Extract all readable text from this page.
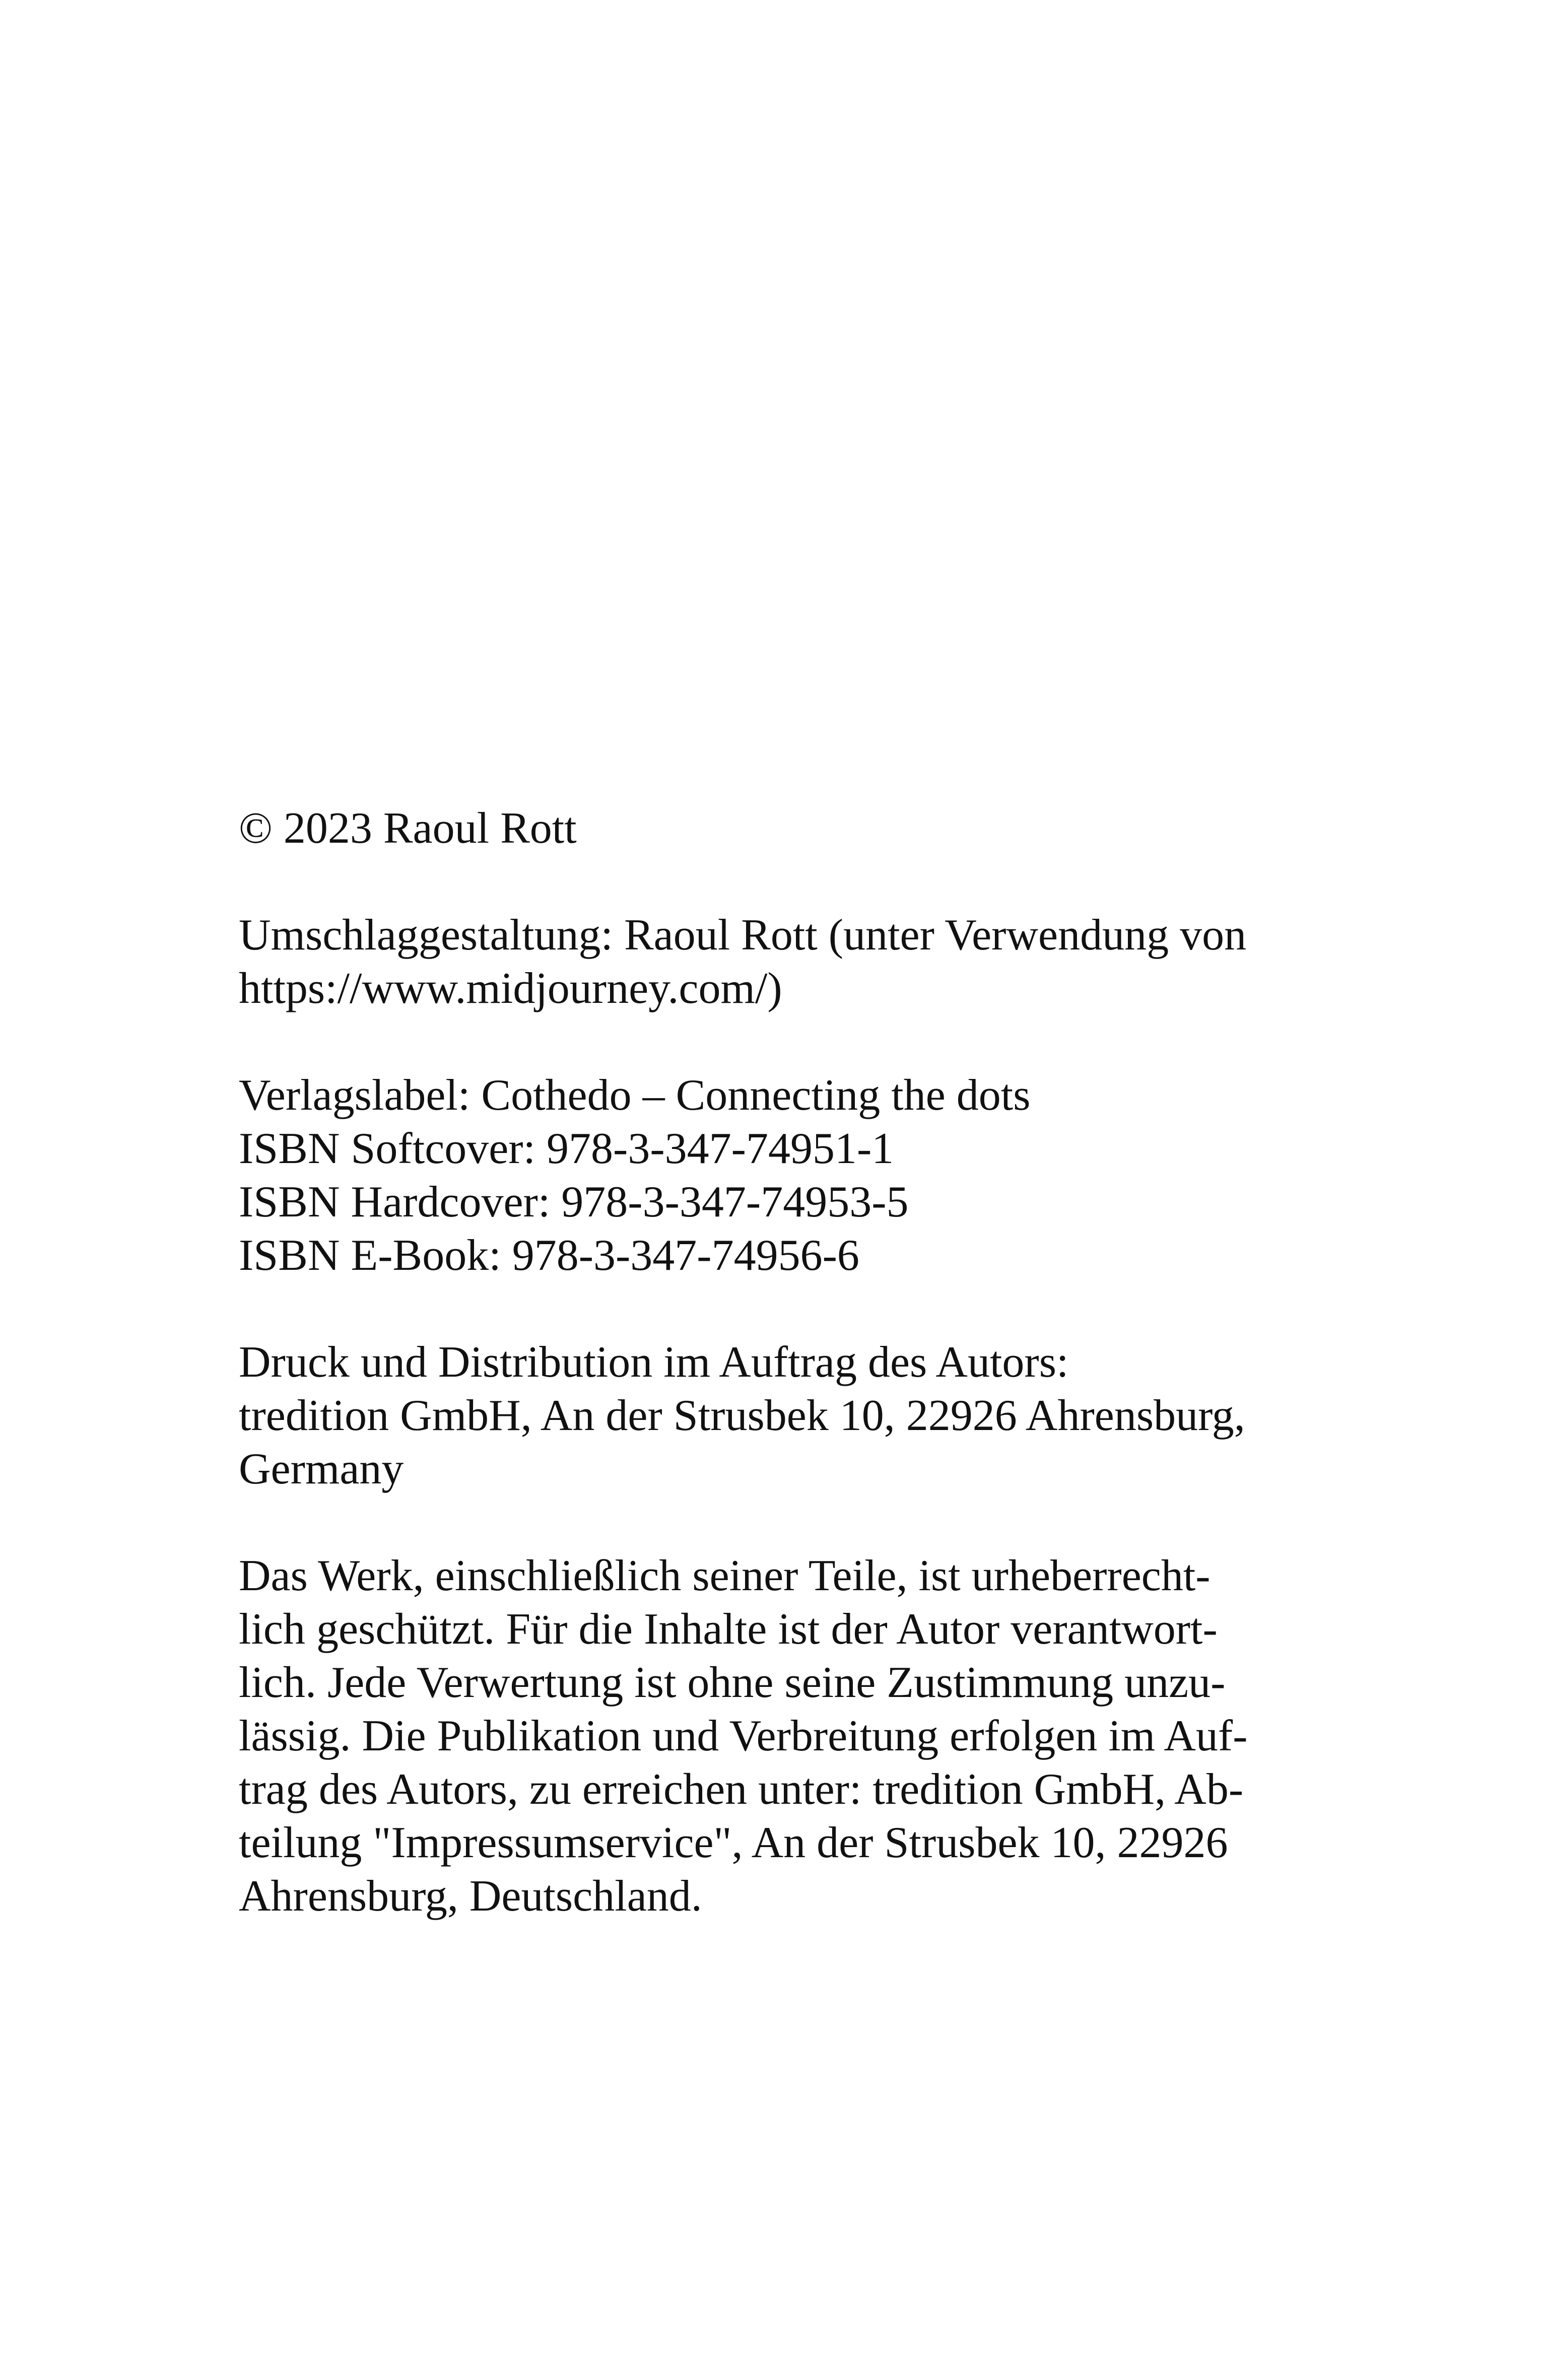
© 2023 Raoul Rott
Umschlaggestaltung: Raoul Rott (unter Verwendung von
https://www.midjourney.com/)
Verlagslabel: Cothedo – Connecting the dots
ISBN Softcover: 978-3-347-74951-1
ISBN Hardcover: 978-3-347-74953-5
ISBN E-Book: 978-3-347-74956-6
Druck und Distribution im Auftrag des Autors:
tredition GmbH, An der Strusbek 10, 22926 Ahrensburg,
Germany
Das Werk, einschließlich seiner Teile, ist urheberrecht-
lich geschützt. Für die Inhalte ist der Autor verantwort-
lich. Jede Verwertung ist ohne seine Zustimmung unzu-
lässig. Die Publikation und Verbreitung erfolgen im Auf-
trag des Autors, zu erreichen unter: tredition GmbH, Ab-
teilung "Impressumservice", An der Strusbek 10, 22926
Ahrensburg, Deutschland.
